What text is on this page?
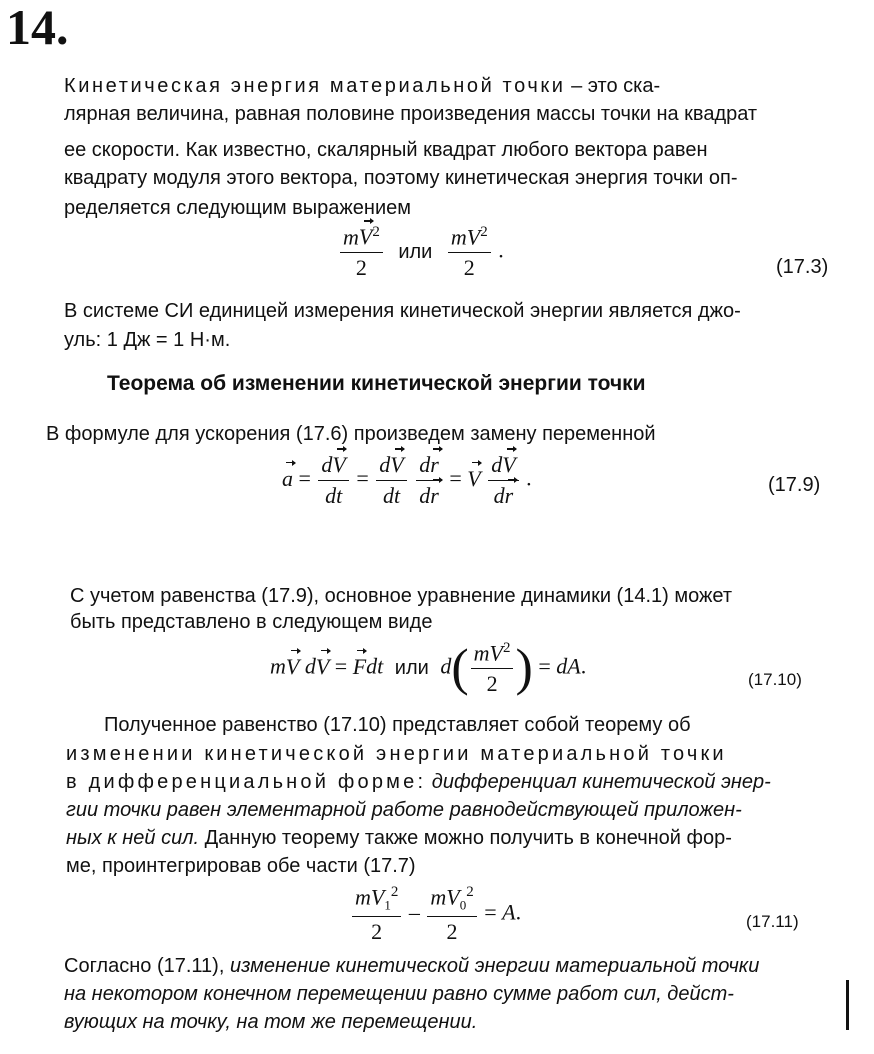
14.
Кинетическая энергия материальной точки – это ска-
лярная величина, равная половине произведения массы точки на квадрат
ее скорости. Как известно, скалярный квадрат любого вектора равен
квадрату модуля этого вектора, поэтому кинетическая энергия точки оп-
ределяется следующим выражением
$\frac{mV^2}{2}$ или $\frac{mV^2}{2}$ .
(17.3)
В системе СИ единицей измерения кинетической энергии является джо-
уль: 1 Дж = 1 Н·м.
Теорема об изменении кинетической энергии точки
В формуле для ускорения (17.6) произведем замену переменной
$a = \frac{dV}{dt} = \frac{dV}{dt}$
$\frac{dr}{dr} = V \frac{dV}{dr}$ .	(17.9)
С учетом равенства (17.9), основное уравнение динамики (14.1) может
быть представлено в следующем виде
mV dV = Fdt или $d( \frac{mV^2}{2}$ ) = dA.
(17.10)
Полученное равенство (17.10) представляет собой теорему об
изменении кинетической энергии материальной точки
в дифференциальной форме: дифференциал кинетической энер-
гии точки равен элементарной работе равнодействующей приложен-
ных к ней сил. Данную теорему также можно получить в конечной фор-
ме, проинтегрировав обе части (17.7)
$\frac{mV_1^2}{2} - \frac{mV_0^2}{2} = A$.	(17.11)
Согласно (17.11), изменение кинетической энергии материальной точки
на некотором конечном перемещении равно сумме работ сил, дейст-
вующих на точку, на том же перемещении.
